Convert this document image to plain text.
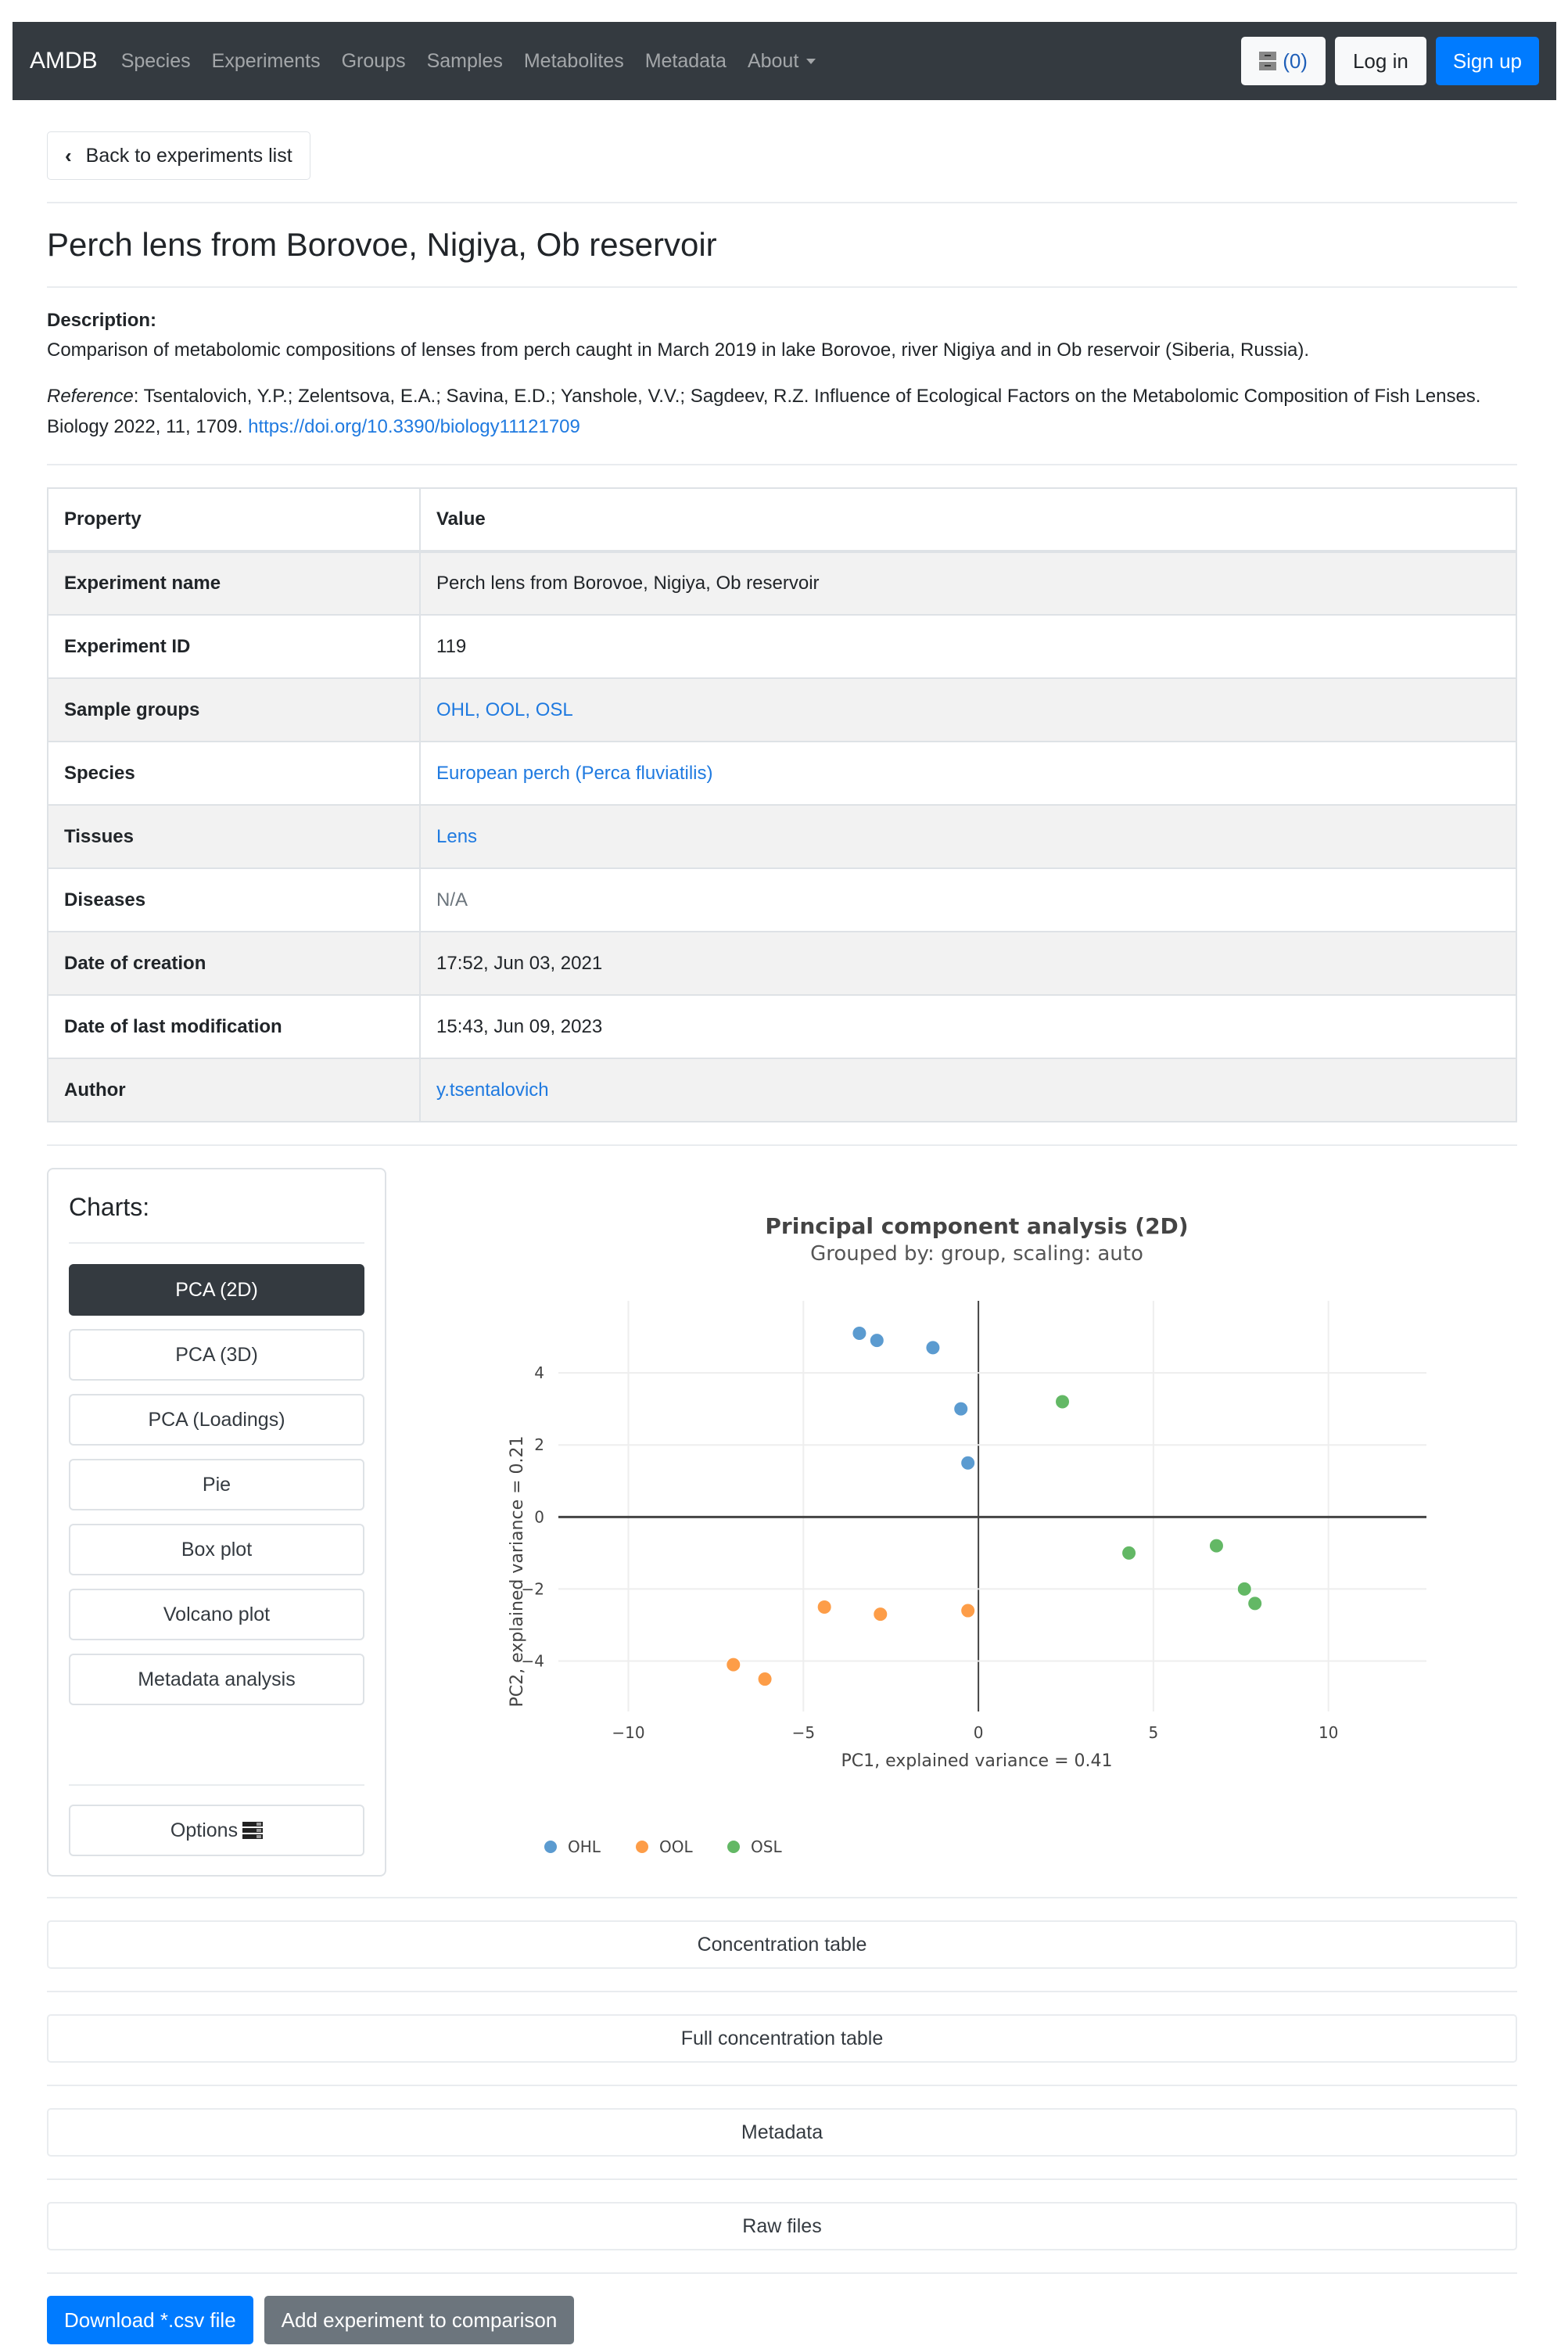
AMDB Species Experiments Groups Samples Metabolites Metadata About	(0)	Log in	Sign up
‹ Back to experiments list
Perch lens from Borovoe, Nigiya, Ob reservoir
Description:
Comparison of metabolomic compositions of lenses from perch caught in March 2019 in lake Borovoe, river Nigiya and in Ob reservoir (Siberia, Russia).
Reference: Tsentalovich, Y.P.; Zelentsova, E.A.; Savina, E.D.; Yanshole, V.V.; Sagdeev, R.Z. Influence of Ecological Factors on the Metabolomic Composition of Fish Lenses. Biology 2022, 11, 1709. https://doi.org/10.3390/biology11121709
Property	Value
Experiment name	Perch lens from Borovoe, Nigiya, Ob reservoir
Experiment ID	119
Sample groups	OHL, OOL, OSL
Species	European perch (Perca fluviatilis)
Tissues	Lens
Diseases	N/A
Date of creation	17:52, Jun 03, 2021
Date of last modification	15:43, Jun 09, 2023
Author	y.tsentalovich
Charts:
PCA (2D)
PCA (3D)
PCA (Loadings)
Pie
Box plot
Volcano plot
Metadata analysis
Options
Principal component analysis (2D)
Grouped by: group, scaling: auto
−10	−5	0	5	10
−4
−2
0
2
4
PC1, explained variance = 0.41
PC2, explained variance = 0.21
OHL	OOL	OSL
Concentration table
Full concentration table
Metadata
Raw files
Download *.csv file	Add experiment to comparison
